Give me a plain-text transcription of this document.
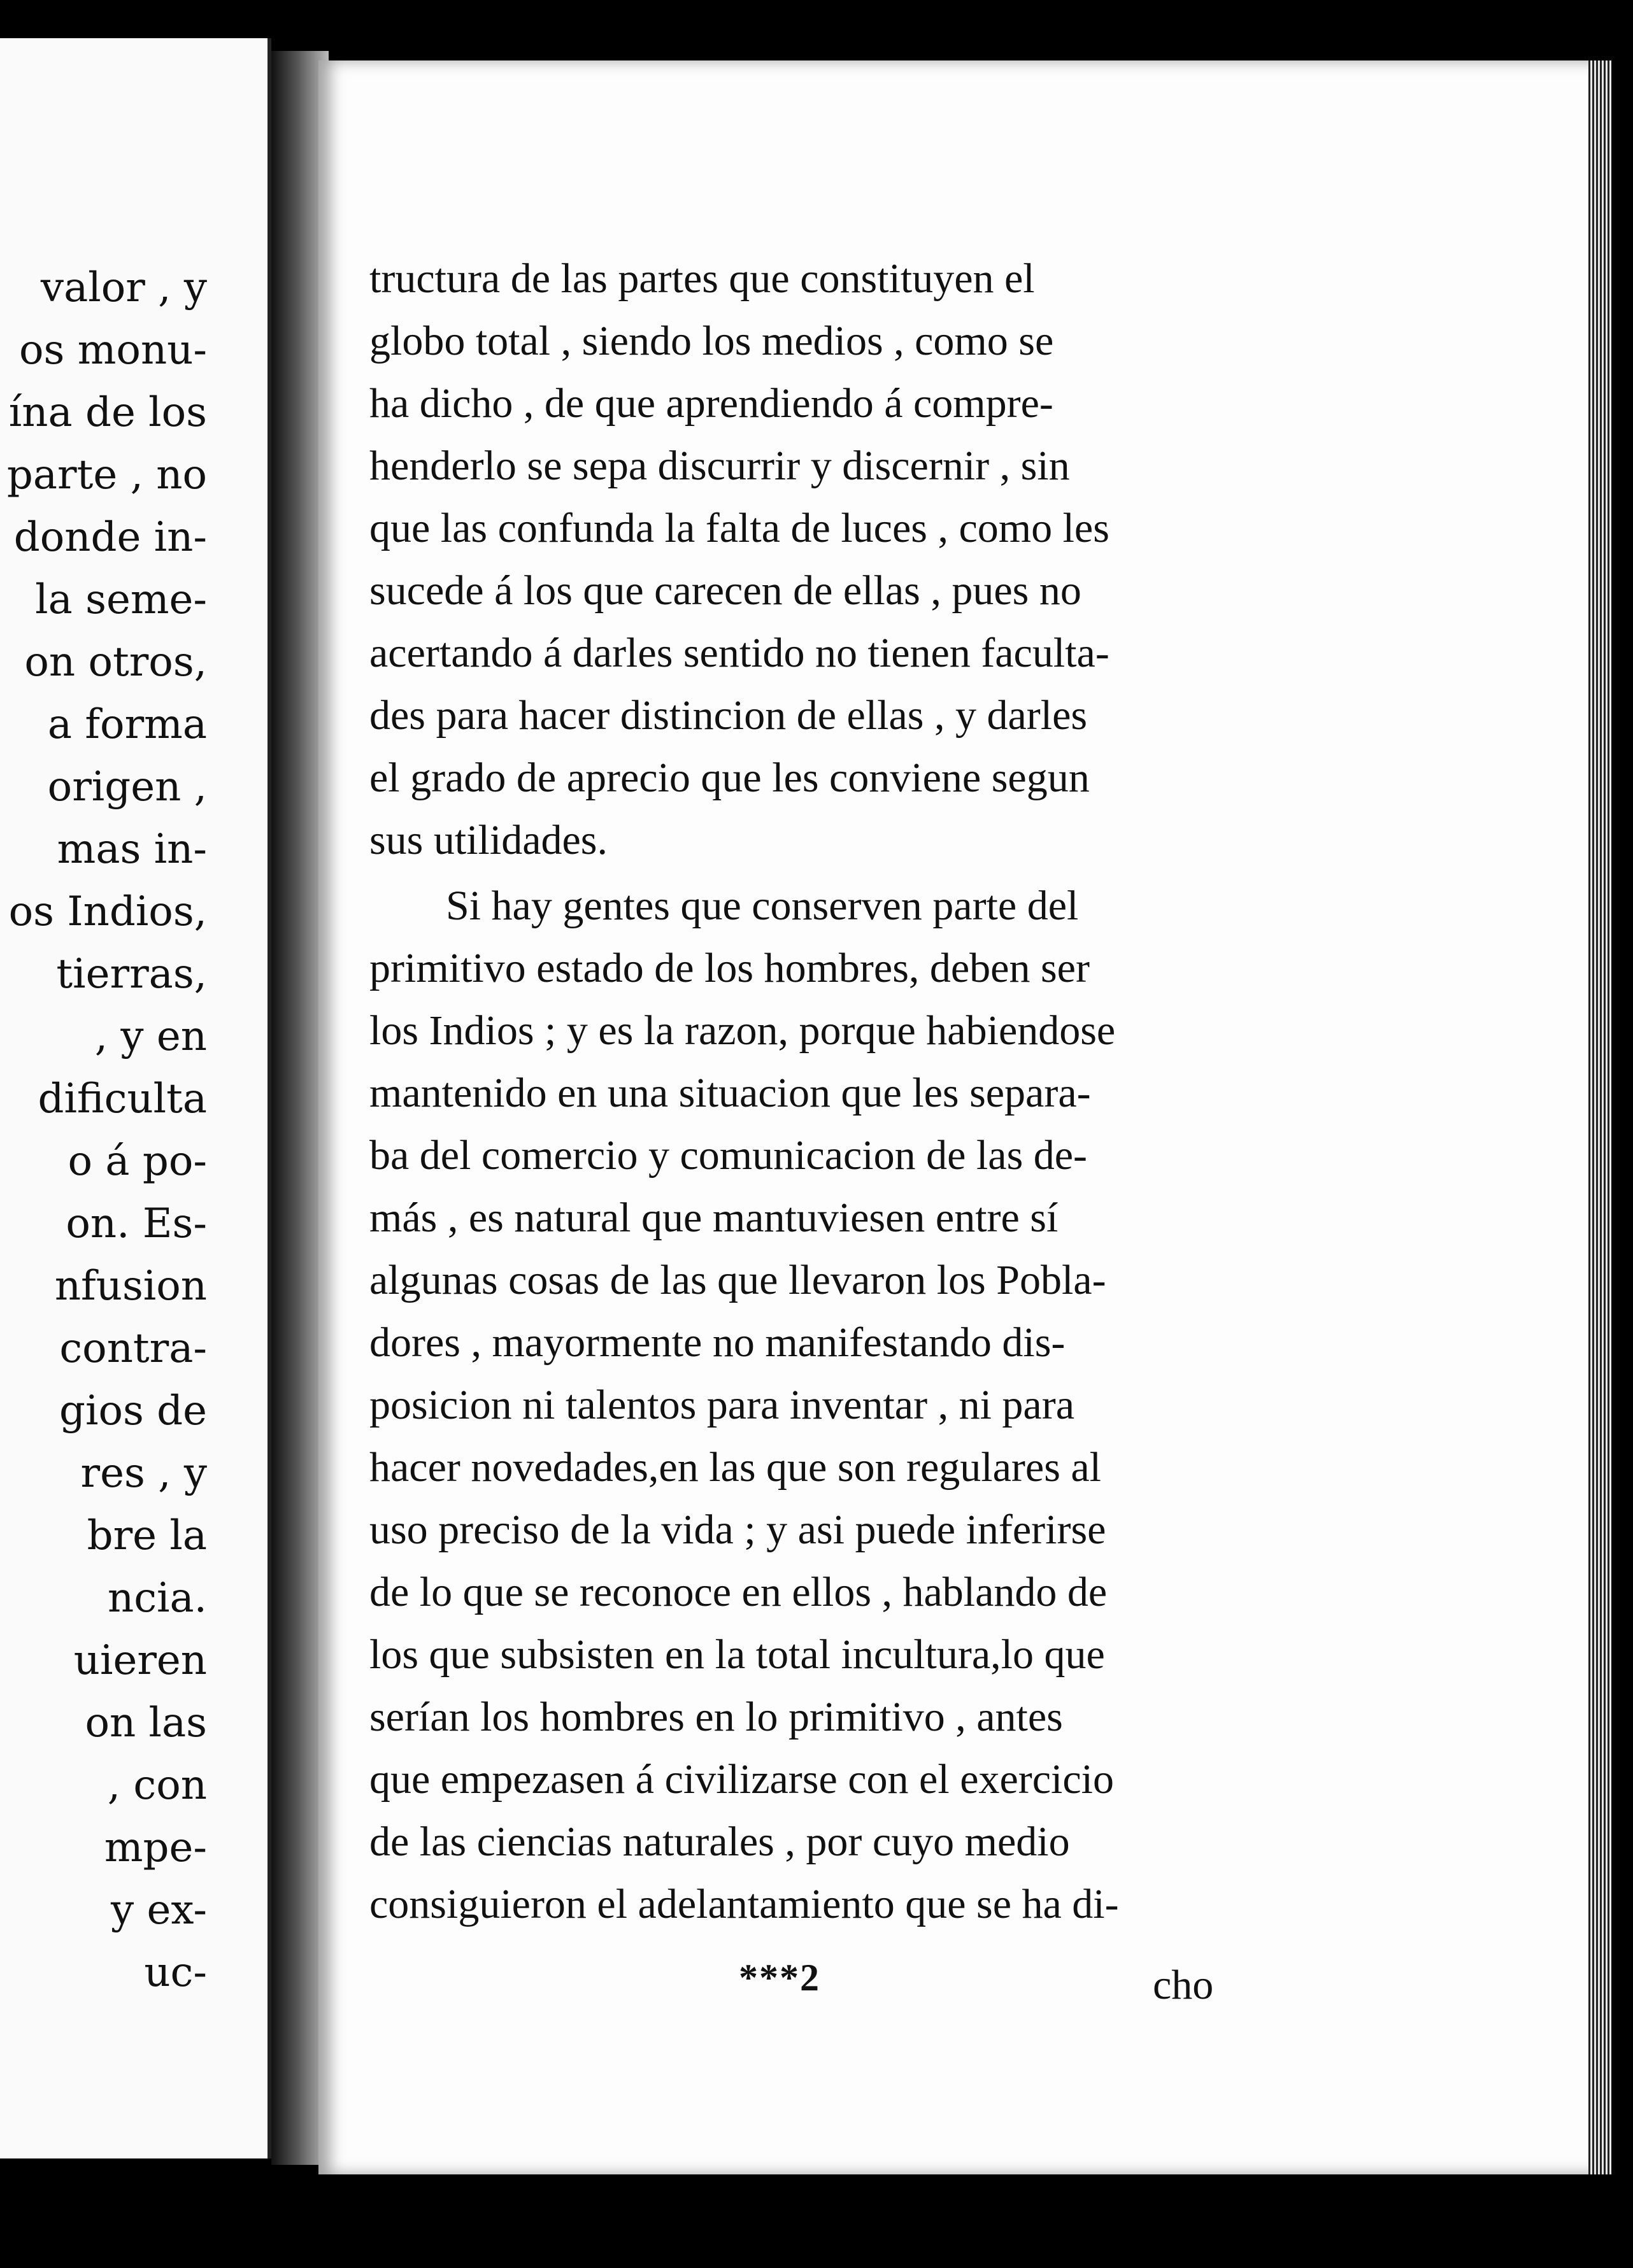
valor , y
os monu-
ína de los
parte , no
donde in-
la seme-
on otros,
a forma
origen ,
mas in-
os Indios,
tierras,
, y en
dificulta
o á po-
on. Es-
nfusion
contra-
gios de
res , y
bre la
ncia.
uieren
on las
, con
mpe-
y ex-
uc-
tructura de las partes que constituyen el
globo total , siendo los medios , como se
ha dicho , de que aprendiendo á compre-
henderlo se sepa discurrir y discernir , sin
que las confunda la falta de luces , como les
sucede á los que carecen de ellas , pues no
acertando á darles sentido no tienen faculta-
des para hacer distincion de ellas , y darles
el grado de aprecio que les conviene segun
sus utilidades.
Si hay gentes que conserven parte del
primitivo estado de los hombres, deben ser
los Indios ; y es la razon, porque habiendose
mantenido en una situacion que les separa-
ba del comercio y comunicacion de las de-
más , es natural que mantuviesen entre sí
algunas cosas de las que llevaron los Pobla-
dores , mayormente no manifestando dis-
posicion ni talentos para inventar , ni para
hacer novedades,en las que son regulares al
uso preciso de la vida ; y asi puede inferirse
de lo que se reconoce en ellos , hablando de
los que subsisten en la total incultura,lo que
serían los hombres en lo primitivo , antes
que empezasen á civilizarse con el exercicio
de las ciencias naturales , por cuyo medio
consiguieron el adelantamiento que se ha di-
***2	cho
